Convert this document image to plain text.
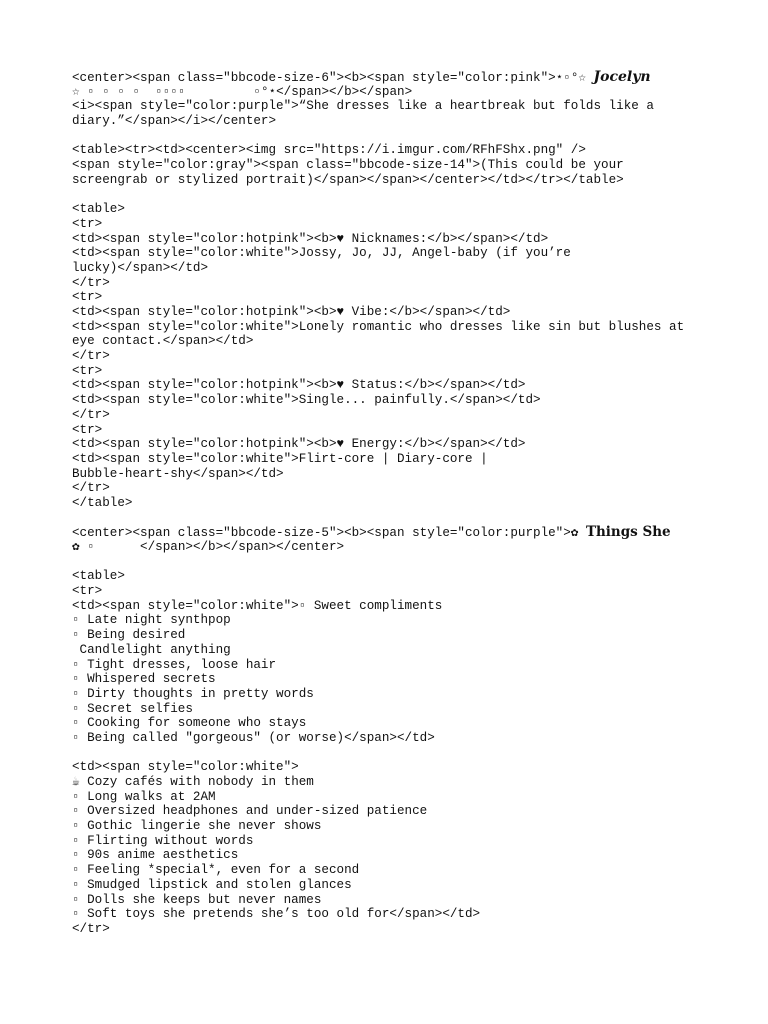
<center><span class="bbcode-size-6"><b><span style="color:pink">⋆▫°☆ 𝑱𝒐𝒄𝒆𝒍𝒚𝒏
☆ ▫ ▫ ▫ ▫  ▫▫▫▫         ▫°⋆</span></b></span>
<i><span style="color:purple">“She dresses like a heartbreak but folds like a
diary.”</span></i></center>
<table><tr><td><center><img src="https://i.imgur.com/RFhFShx.png" />
<span style="color:gray"><span class="bbcode-size-14">(This could be your
screengrab or stylized portrait)</span></span></center></td></tr></table>
<table>
<tr>
<td><span style="color:hotpink"><b>♥ Nicknames:</b></span></td>
<td><span style="color:white">Jossy, Jo, JJ, Angel-baby (if you’re
lucky)</span></td>
</tr>
<tr>
<td><span style="color:hotpink"><b>♥ Vibe:</b></span></td>
<td><span style="color:white">Lonely romantic who dresses like sin but blushes at
eye contact.</span></td>
</tr>
<tr>
<td><span style="color:hotpink"><b>♥ Status:</b></span></td>
<td><span style="color:white">Single... painfully.</span></td>
</tr>
<tr>
<td><span style="color:hotpink"><b>♥ Energy:</b></span></td>
<td><span style="color:white">Flirt-core | Diary-core |
Bubble-heart-shy</span></td>
</tr>
</table>
<center><span class="bbcode-size-5"><b><span style="color:purple">✿ Things She
✿ ▫      </span></b></span></center>
<table>
<tr>
<td><span style="color:white">▫ Sweet compliments
▫ Late night synthpop
▫ Being desired
Candlelight anything
▫ Tight dresses, loose hair
▫ Whispered secrets
▫ Dirty thoughts in pretty words
▫ Secret selfies
▫ Cooking for someone who stays
▫ Being called "gorgeous" (or worse)</span></td>
<td><span style="color:white">
☕ Cozy cafés with nobody in them
▫ Long walks at 2AM
▫ Oversized headphones and under-sized patience
▫ Gothic lingerie she never shows
▫ Flirting without words
▫ 90s anime aesthetics
▫ Feeling *special*, even for a second
▫ Smudged lipstick and stolen glances
▫ Dolls she keeps but never names
▫ Soft toys she pretends she’s too old for</span></td>
</tr>
